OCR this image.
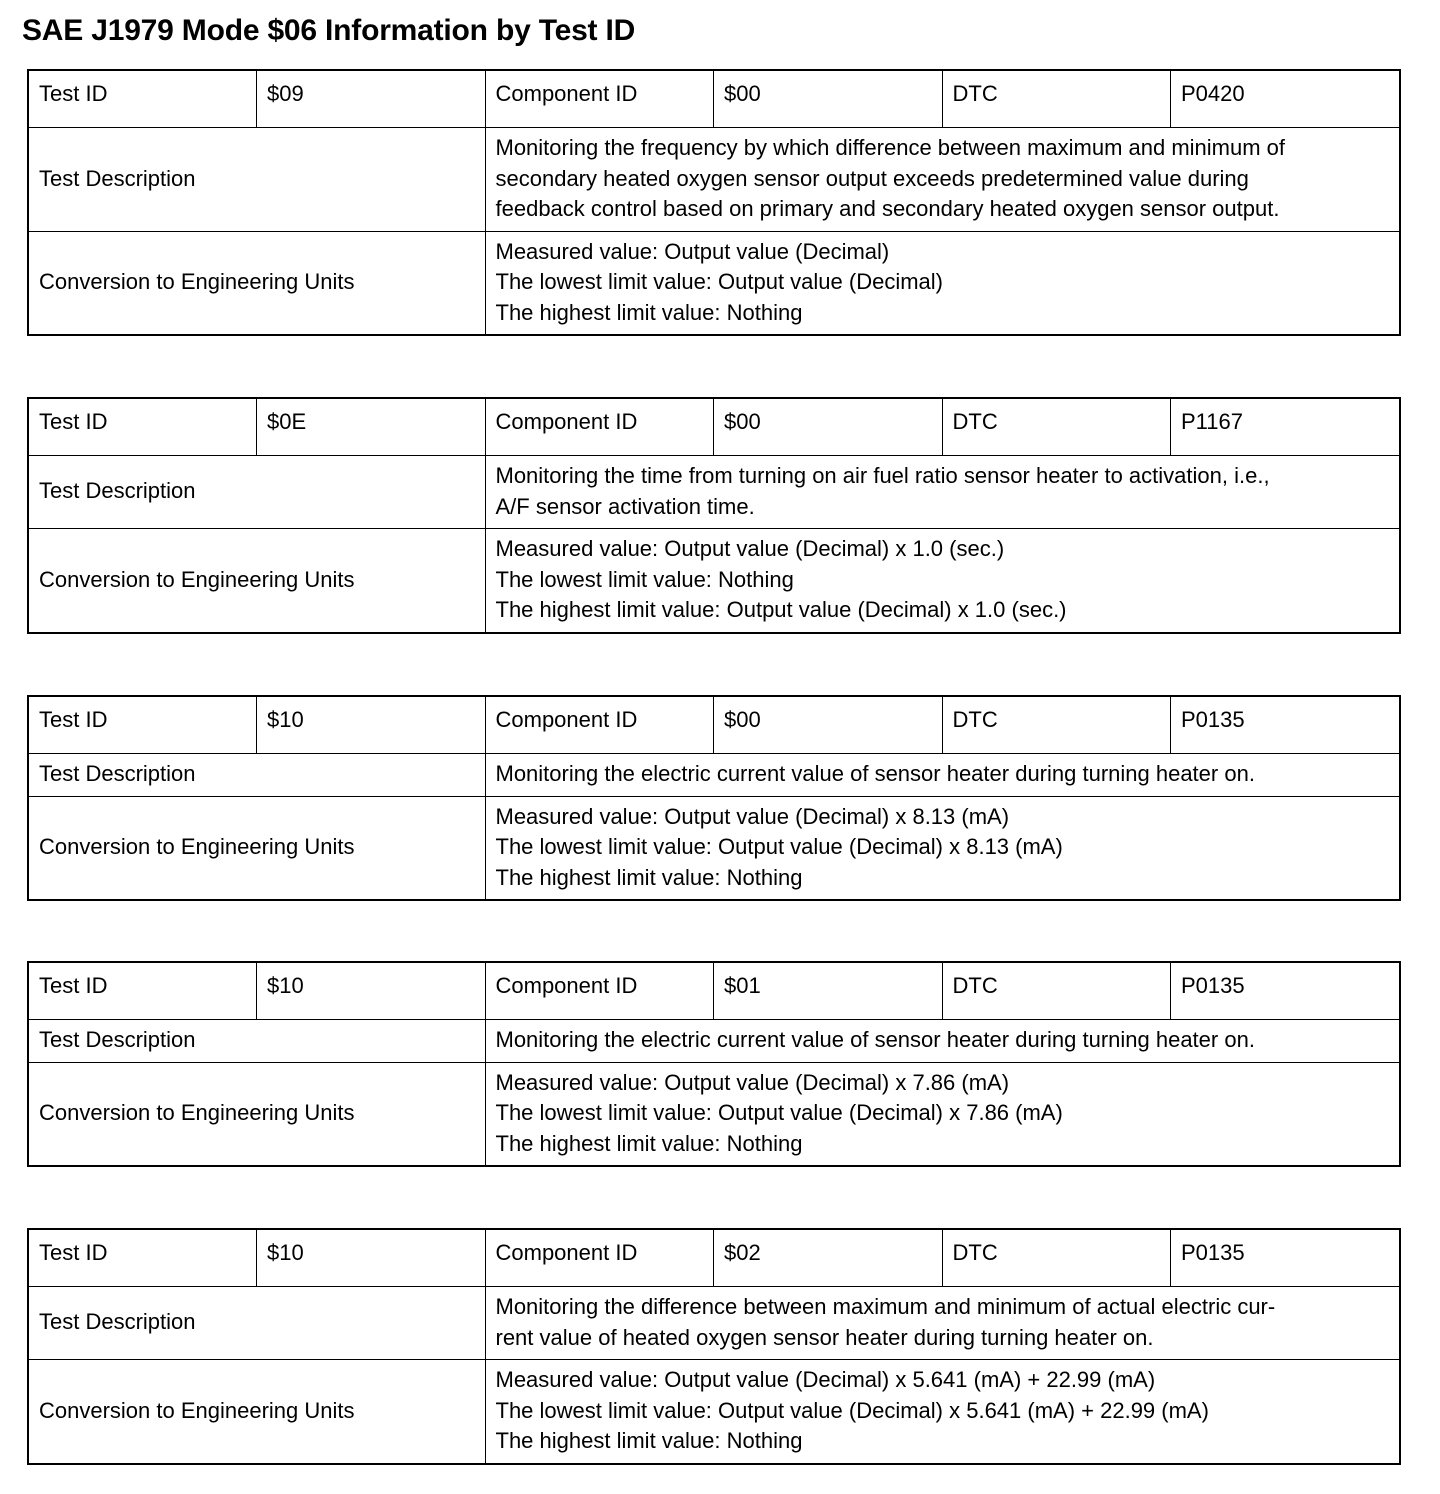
SAE J1979 Mode $06 Information by Test ID
Test ID	$09	Component ID	$00	DTC	P0420
Test Description		Monitoring the frequency by which difference between maximum and minimum of
secondary heated oxygen sensor output exceeds predetermined value during
feedback control based on primary and secondary heated oxygen sensor output.			

Conversion to Engineering Units		Measured value: Output value (Decimal)
The lowest limit value: Output value (Decimal)
The highest limit value: Nothing			
Test ID	$0E	Component ID	$00	DTC	P1167
Test Description		Monitoring the time from turning on air fuel ratio sensor heater to activation, i.e.,
A/F sensor activation time.			

Conversion to Engineering Units		Measured value: Output value (Decimal) x 1.0 (sec.)
The lowest limit value: Nothing
The highest limit value: Output value (Decimal) x 1.0 (sec.)			
Test ID	$10	Component ID	$00	DTC	P0135
Test Description		Monitoring the electric current value of sensor heater during turning heater on.			

Conversion to Engineering Units		Measured value: Output value (Decimal) x 8.13 (mA)
The lowest limit value: Output value (Decimal) x 8.13 (mA)
The highest limit value: Nothing			
Test ID	$10	Component ID	$01	DTC	P0135
Test Description		Monitoring the electric current value of sensor heater during turning heater on.			

Conversion to Engineering Units		Measured value: Output value (Decimal) x 7.86 (mA)
The lowest limit value: Output value (Decimal) x 7.86 (mA)
The highest limit value: Nothing			
Test ID	$10	Component ID	$02	DTC	P0135
Test Description		Monitoring the difference between maximum and minimum of actual electric cur-
rent value of heated oxygen sensor heater during turning heater on.			

Conversion to Engineering Units		Measured value: Output value (Decimal) x 5.641 (mA) + 22.99 (mA)
The lowest limit value: Output value (Decimal) x 5.641 (mA) + 22.99 (mA)
The highest limit value: Nothing			
